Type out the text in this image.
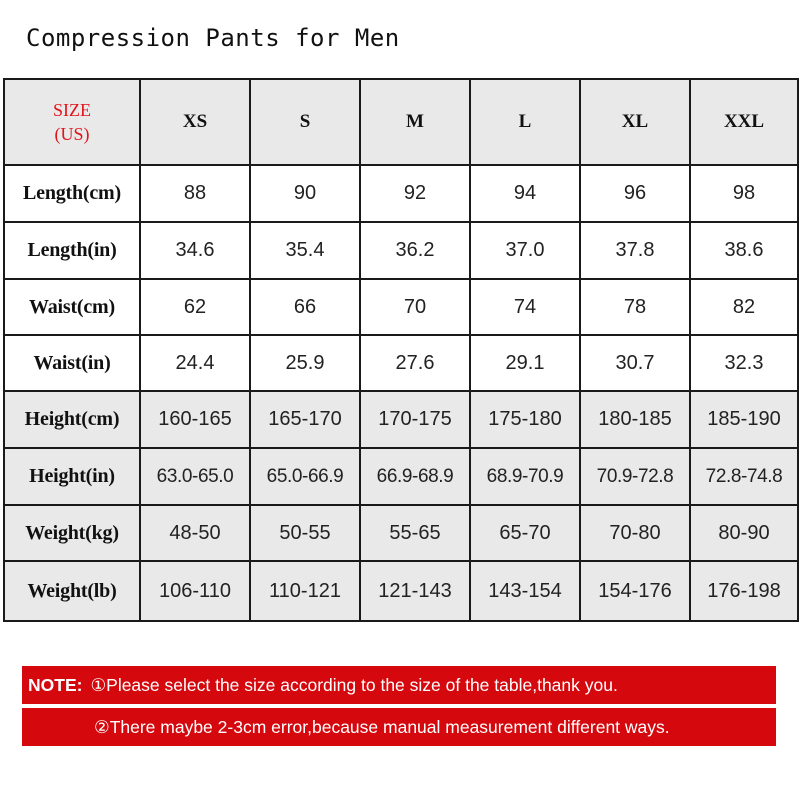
Compression Pants for Men
SIZE
(US)	XS	S	M	L	XL	XXL
Length(cm)	88	90	92	94	96	98
Length(in)	34.6	35.4	36.2	37.0	37.8	38.6
Waist(cm)	62	66	70	74	78	82
Waist(in)	24.4	25.9	27.6	29.1	30.7	32.3
Height(cm)	160-165	165-170	170-175	175-180	180-185	185-190
Height(in)	63.0-65.0	65.0-66.9	66.9-68.9	68.9-70.9	70.9-72.8	72.8-74.8
Weight(kg)	48-50	50-55	55-65	65-70	70-80	80-90
Weight(lb)	106-110	110-121	121-143	143-154	154-176	176-198
NOTE: ①Please select the size according to the size of the table,thank you.
②There maybe 2-3cm error,because manual measurement different ways.
